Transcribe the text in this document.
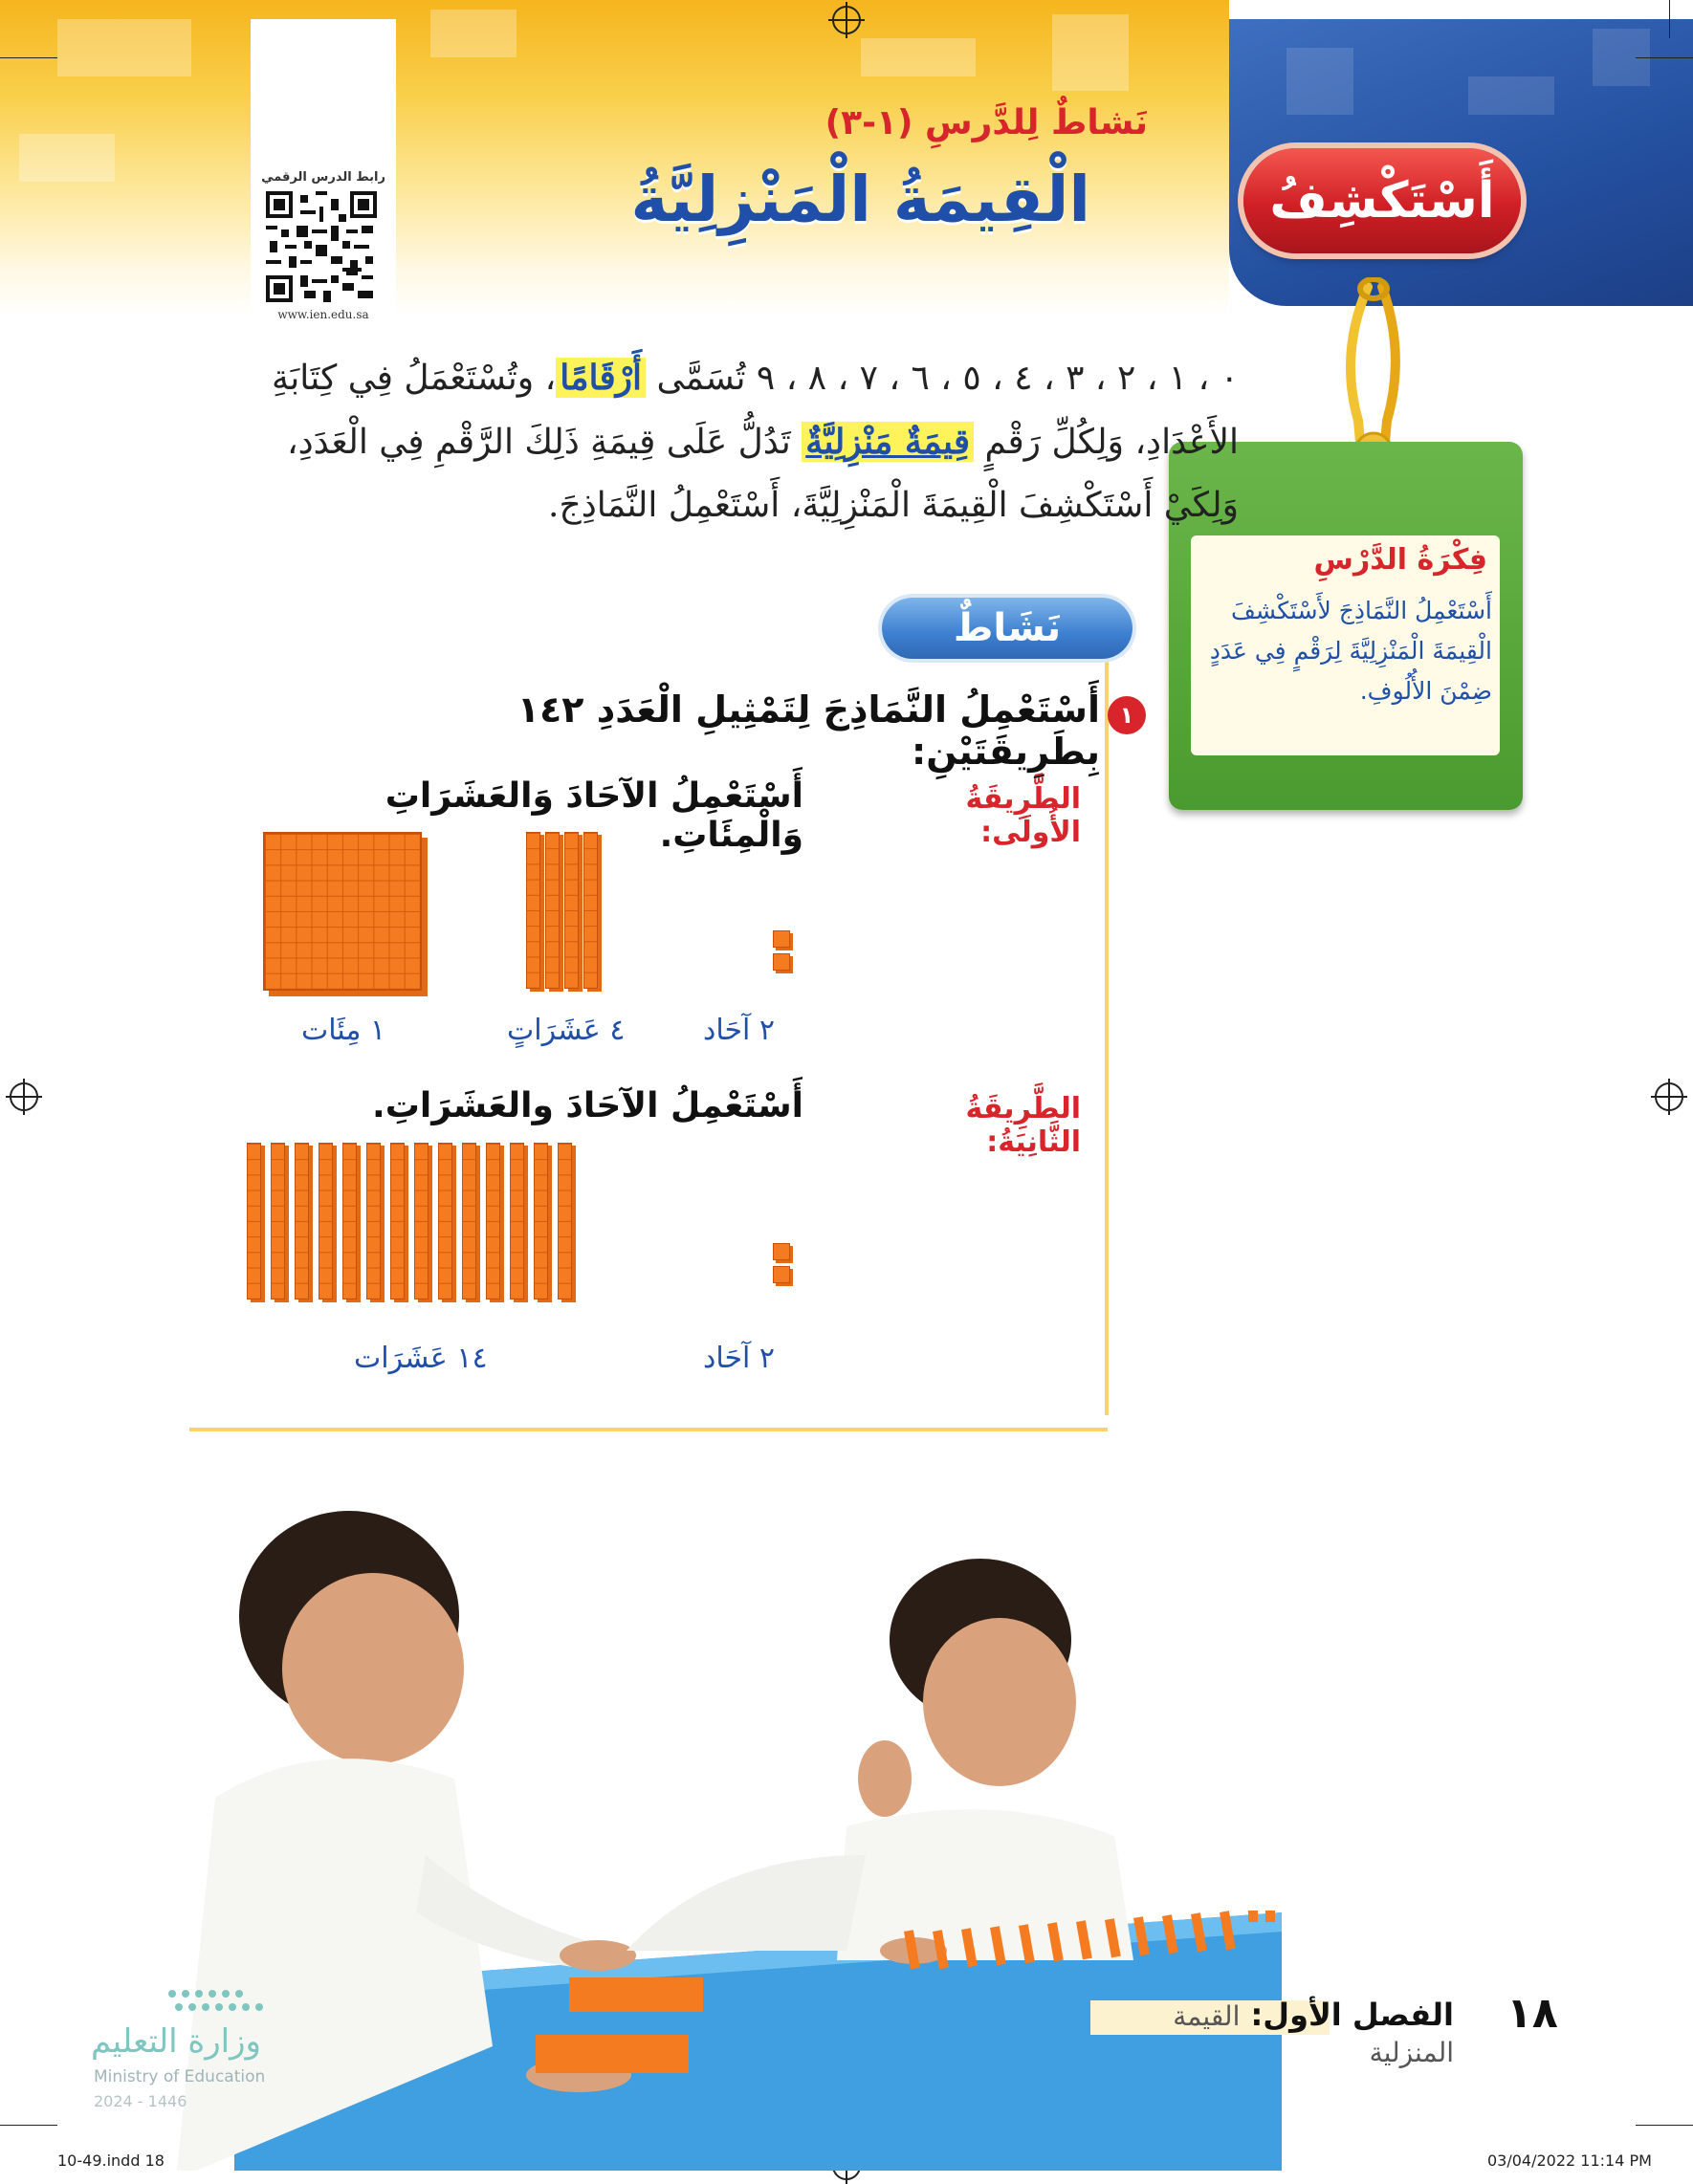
رابط الدرس الرقمي
www.ien.edu.sa
نَشاطٌ لِلدَّرسِ (١-٣)
الْقِيمَةُ الْمَنْزِلِيَّةُ	أَسْتَكْشِفُ
فِكْرَةُ الدَّرْسِ
أَسْتَعْمِلُ النَّمَاذِجَ لأَسْتَكْشِفَ الْقِيمَةَ الْمَنْزِلِيَّةَ لِرَقْمٍ فِي عَدَدٍ ضِمْنَ الأُلُوفِ.
٠ ، ١ ، ٢ ، ٣ ، ٤ ، ٥ ، ٦ ، ٧ ، ٨ ، ٩ تُسَمَّى أَرْقَامًا، وتُسْتَعْمَلُ فِي كِتَابَةِ الأَعْدَادِ، وَلِكُلِّ رَقْمٍ قِيمَةٌ مَنْزِلِيَّةٌ تَدُلُّ عَلَى قِيمَةِ ذَلِكَ الرَّقْمِ فِي الْعَدَدِ، وَلِكَيْ أَسْتَكْشِفَ الْقِيمَةَ الْمَنْزِلِيَّةَ، أَسْتَعْمِلُ النَّمَاذِجَ.
نَشَاطٌ
١
أَسْتَعْمِلُ النَّمَاذِجَ لِتَمْثِيلِ الْعَدَدِ ١٤٢ بِطَرِيقَتَيْنِ:
الطَّرِيقَةُ الأُولَى:
أَسْتَعْمِلُ الآحَادَ وَالعَشَرَاتِ وَالْمِئَاتِ.
٢ آحَاد
٤ عَشَرَاتٍ
١ مِئَات
الطَّرِيقَةُ الثَّانِيَةُ:
أَسْتَعْمِلُ الآحَادَ والعَشَرَاتِ.
٢ آحَاد
١٤ عَشَرَات
الفصل الأول: القيمة المنزلية
١٨
وزارة التعليم
Ministry of Education
2024 - 1446
10-49.indd 18	03/04/2022 11:14 PM
